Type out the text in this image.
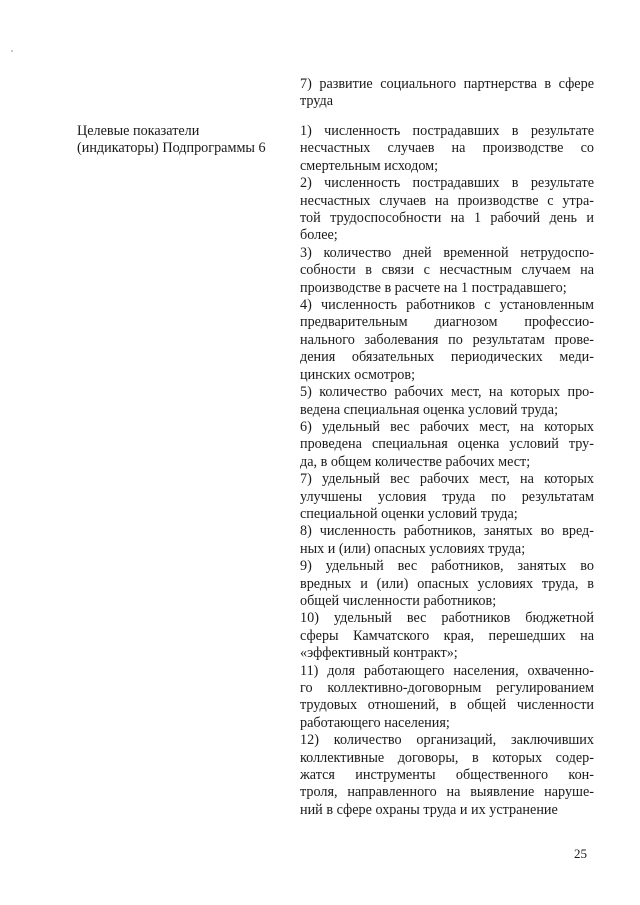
7) развитие социального партнерства в сфере
труда
Целевые показатели
(индикаторы) Подпрограммы 6
1) численность пострадавших в результате
несчастных случаев на производстве со
смертельным исходом;
2) численность пострадавших в результате
несчастных случаев на производстве с утра-
той трудоспособности на 1 рабочий день и
более;
3) количество дней временной нетрудоспо-
собности в связи с несчастным случаем на
производстве в расчете на 1 пострадавшего;
4) численность работников с установленным
предварительным диагнозом профессио-
нального заболевания по результатам прове-
дения обязательных периодических меди-
цинских осмотров;
5) количество рабочих мест, на которых про-
ведена специальная оценка условий труда;
6) удельный вес рабочих мест, на которых
проведена специальная оценка условий тру-
да, в общем количестве рабочих мест;
7) удельный вес рабочих мест, на которых
улучшены условия труда по результатам
специальной оценки условий труда;
8) численность работников, занятых во вред-
ных и (или) опасных условиях труда;
9) удельный вес работников, занятых во
вредных и (или) опасных условиях труда, в
общей численности работников;
10) удельный вес работников бюджетной
сферы Камчатского края, перешедших на
«эффективный контракт»;
11) доля работающего населения, охваченно-
го коллективно-договорным регулированием
трудовых отношений, в общей численности
работающего населения;
12) количество организаций, заключивших
коллективные договоры, в которых содер-
жатся инструменты общественного кон-
троля, направленного на выявление наруше-
ний в сфере охраны труда и их устранение
25
